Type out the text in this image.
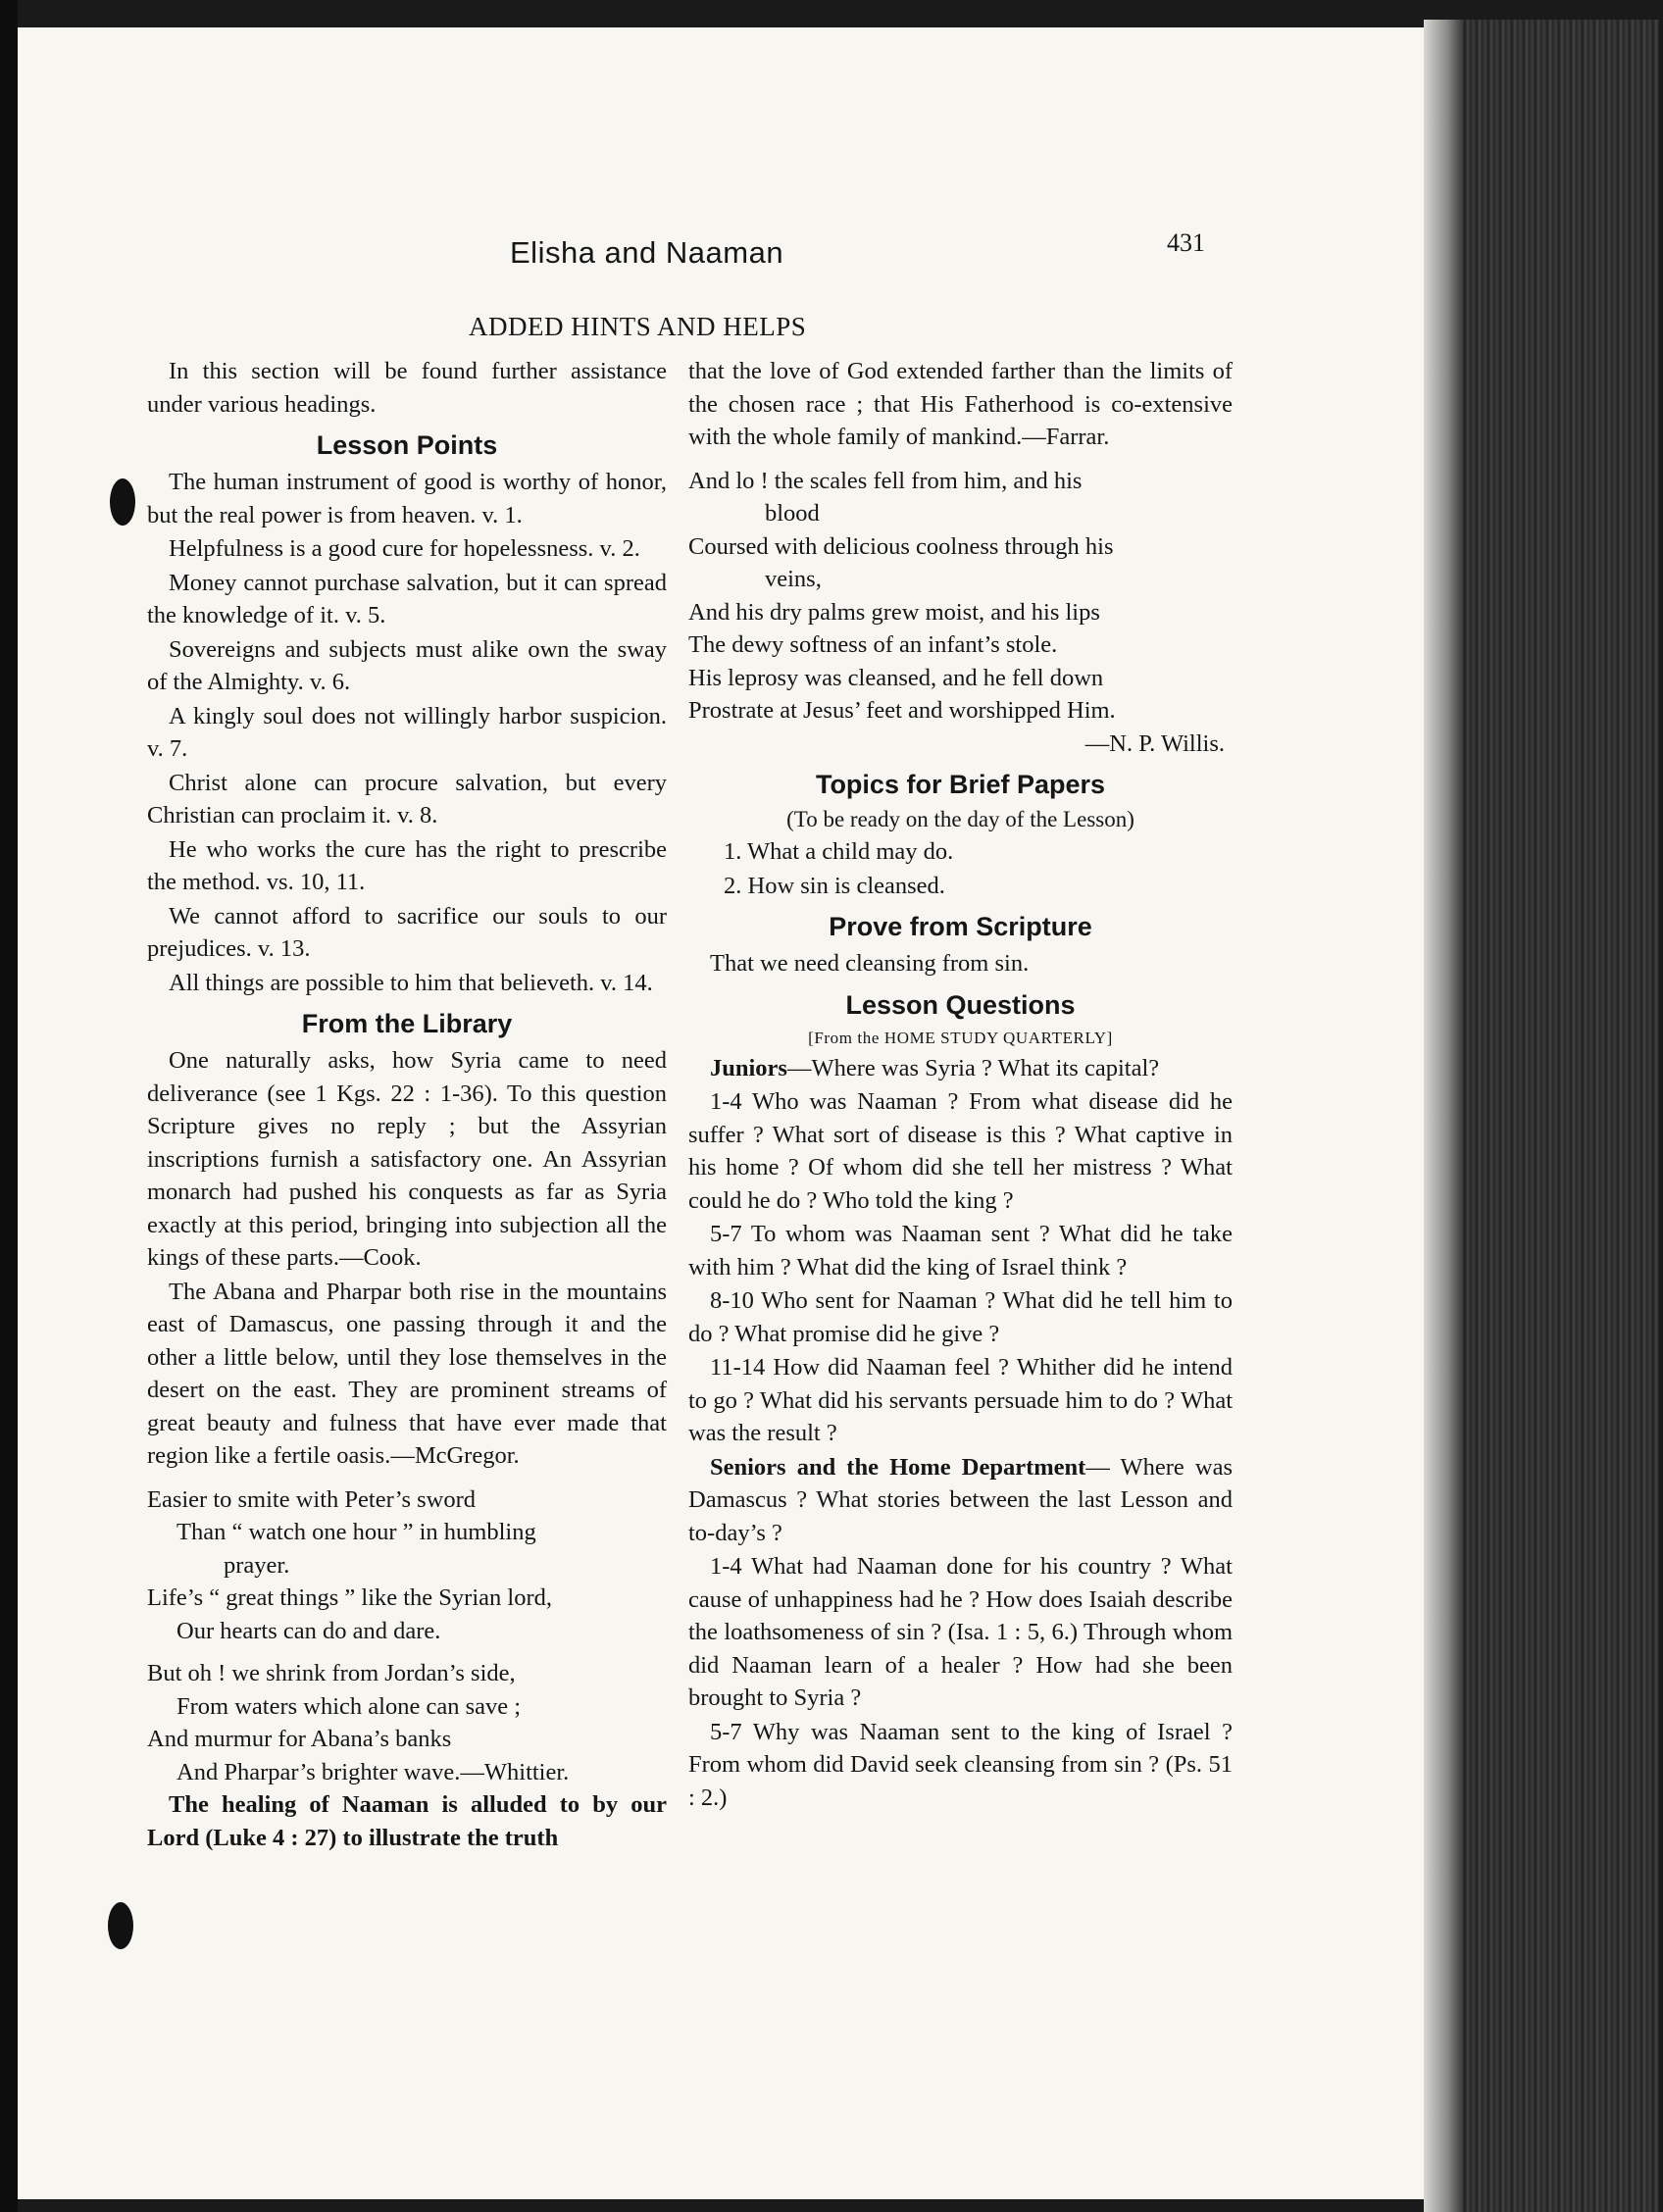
Elisha and Naaman	431
ADDED HINTS AND HELPS

In this section will be found further assistance under various headings.

Lesson Points

The human instrument of good is worthy of honor, but the real power is from heaven. v. 1.

Helpfulness is a good cure for hopelessness. v. 2.

Money cannot purchase salvation, but it can spread the knowledge of it. v. 5.

Sovereigns and subjects must alike own the sway of the Almighty. v. 6.

A kingly soul does not willingly harbor suspicion. v. 7.

Christ alone can procure salvation, but every Christian can proclaim it. v. 8.

He who works the cure has the right to prescribe the method. vs. 10, 11.

We cannot afford to sacrifice our souls to our prejudices. v. 13.

All things are possible to him that believeth. v. 14.

From the Library

One naturally asks, how Syria came to need deliverance (see 1 Kgs. 22 : 1-36). To this question Scripture gives no reply ; but the Assyrian inscriptions furnish a satisfactory one. An Assyrian monarch had pushed his conquests as far as Syria exactly at this period, bringing into subjection all the kings of these parts.—Cook.

The Abana and Pharpar both rise in the mountains east of Damascus, one passing through it and the other a little below, until they lose themselves in the desert on the east. They are prominent streams of great beauty and fulness that have ever made that region like a fertile oasis.—McGregor.

Easier to smite with Peter’s sword

Than “ watch one hour ” in humbling

prayer.

Life’s “ great things ” like the Syrian lord,

Our hearts can do and dare.

But oh ! we shrink from Jordan’s side,

From waters which alone can save ;

And murmur for Abana’s banks

And Pharpar’s brighter wave.—Whittier.

The healing of Naaman is alluded to by our Lord (Luke 4 : 27) to illustrate the truth

that the love of God extended farther than the limits of the chosen race ; that His Fatherhood is co-extensive with the whole family of mankind.—Farrar.

And lo ! the scales fell from him, and his

blood

Coursed with delicious coolness through his

veins,

And his dry palms grew moist, and his lips

The dewy softness of an infant’s stole.

His leprosy was cleansed, and he fell down

Prostrate at Jesus’ feet and worshipped Him.

—N. P. Willis.

Topics for Brief Papers

(To be ready on the day of the Lesson)

1. What a child may do.

2. How sin is cleansed.

Prove from Scripture

That we need cleansing from sin.

Lesson Questions

[From the HOME STUDY QUARTERLY]

Juniors—Where was Syria ? What its capital?

1-4 Who was Naaman ? From what disease did he suffer ? What sort of disease is this ? What captive in his home ? Of whom did she tell her mistress ? What could he do ? Who told the king ?

5-7 To whom was Naaman sent ? What did he take with him ? What did the king of Israel think ?

8-10 Who sent for Naaman ? What did he tell him to do ? What promise did he give ?

11-14 How did Naaman feel ? Whither did he intend to go ? What did his servants persuade him to do ? What was the result ?

Seniors and the Home Department— Where was Damascus ? What stories between the last Lesson and to-day’s ?

1-4 What had Naaman done for his country ? What cause of unhappiness had he ? How does Isaiah describe the loathsomeness of sin ? (Isa. 1 : 5, 6.) Through whom did Naaman learn of a healer ? How had she been brought to Syria ?

5-7 Why was Naaman sent to the king of Israel ? From whom did David seek cleansing from sin ? (Ps. 51 : 2.)
